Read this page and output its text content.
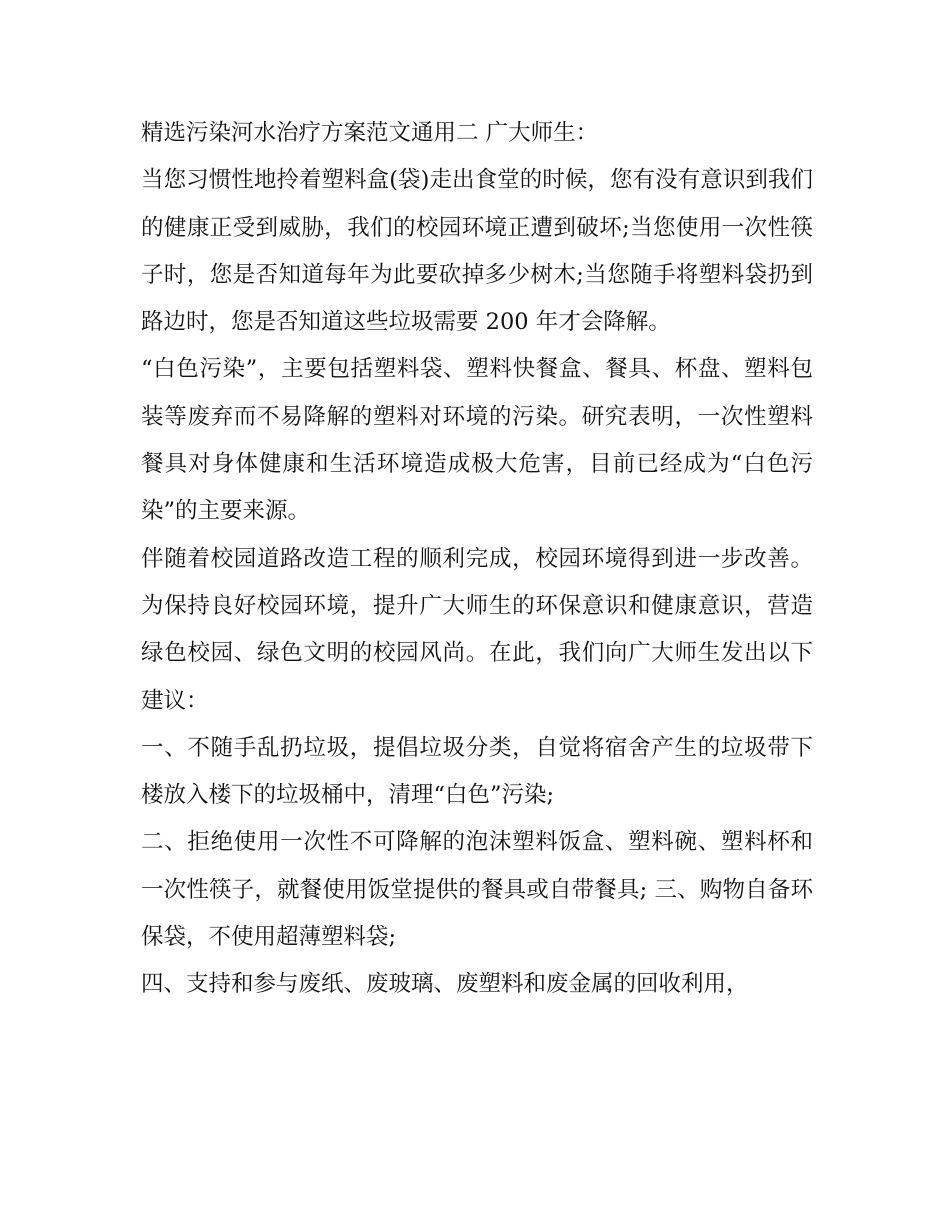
精选污染河水治疗方案范文通用二 广大师生：

当您习惯性地拎着塑料盒(袋)走出食堂的时候，您有没有意识到我们的健康正受到威胁，我们的校园环境正遭到破坏;当您使用一次性筷子时，您是否知道每年为此要砍掉多少树木;当您随手将塑料袋扔到路边时，您是否知道这些垃圾需要 200 年才会降解。

“白色污染”，主要包括塑料袋、塑料快餐盒、餐具、杯盘、塑料包装等废弃而不易降解的塑料对环境的污染。研究表明，一次性塑料餐具对身体健康和生活环境造成极大危害，目前已经成为“白色污染”的主要来源。

伴随着校园道路改造工程的顺利完成，校园环境得到进一步改善。为保持良好校园环境，提升广大师生的环保意识和健康意识，营造绿色校园、绿色文明的校园风尚。在此，我们向广大师生发出以下建议：

一、不随手乱扔垃圾，提倡垃圾分类，自觉将宿舍产生的垃圾带下楼放入楼下的垃圾桶中，清理“白色”污染;

二、拒绝使用一次性不可降解的泡沫塑料饭盒、塑料碗、塑料杯和一次性筷子，就餐使用饭堂提供的餐具或自带餐具; 三、购物自备环保袋，不使用超薄塑料袋;

四、支持和参与废纸、废玻璃、废塑料和废金属的回收利用，
